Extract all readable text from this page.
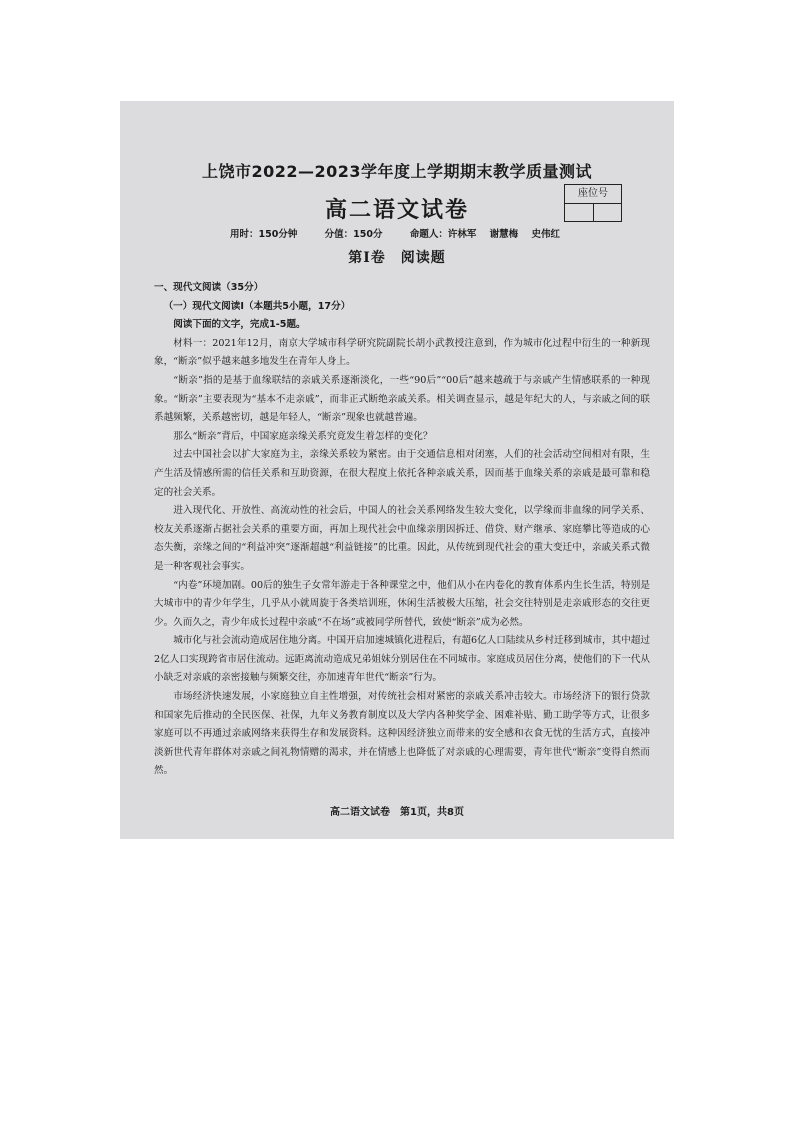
上饶市2022—2023学年度上学期期末教学质量测试
高二语文试卷
座位号
用时：150分钟	分值：150分	命题人：许林军 谢慧梅 史伟红
第Ⅰ卷　阅读题

一、现代文阅读（35分）

（一）现代文阅读Ⅰ（本题共5小题，17分）

阅读下面的文字，完成1-5题。

材料一：2021年12月，南京大学城市科学研究院副院长胡小武教授注意到，作为城市化过程中衍生的一种新现象，“断亲”似乎越来越多地发生在青年人身上。

“断亲”指的是基于血缘联结的亲戚关系逐渐淡化，一些“90后”“00后”越来越疏于与亲戚产生情感联系的一种现象。“断亲”主要表现为“基本不走亲戚”，而非正式断绝亲戚关系。相关调查显示，越是年纪大的人，与亲戚之间的联系越频繁，关系越密切，越是年轻人，“断亲”现象也就越普遍。

那么“断亲”背后，中国家庭亲缘关系究竟发生着怎样的变化？

过去中国社会以扩大家庭为主，亲缘关系较为紧密。由于交通信息相对闭塞，人们的社会活动空间相对有限，生产生活及情感所需的信任关系和互助资源，在很大程度上依托各种亲戚关系，因而基于血缘关系的亲戚是最可靠和稳定的社会关系。

进入现代化、开放性、高流动性的社会后，中国人的社会关系网络发生较大变化，以学缘而非血缘的同学关系、校友关系逐渐占据社会关系的重要方面，再加上现代社会中血缘亲朋因拆迁、借贷、财产继承、家庭攀比等造成的心态失衡，亲缘之间的“利益冲突”逐渐超越“利益链接”的比重。因此，从传统到现代社会的重大变迁中，亲戚关系式微是一种客观社会事实。

“内卷”环境加剧。00后的独生子女常年游走于各种课堂之中，他们从小在内卷化的教育体系内生长生活，特别是大城市中的青少年学生，几乎从小就周旋于各类培训班，休闲生活被极大压缩，社会交往特别是走亲戚形态的交往更少。久而久之，青少年成长过程中亲戚“不在场”或被同学所替代，致使“断亲”成为必然。

城市化与社会流动造成居住地分离。中国开启加速城镇化进程后，有超6亿人口陆续从乡村迁移到城市，其中超过2亿人口实现跨省市居住流动。远距离流动造成兄弟姐妹分别居住在不同城市。家庭成员居住分离，使他们的下一代从小缺乏对亲戚的亲密接触与频繁交往，亦加速青年世代“断亲”行为。

市场经济快速发展，小家庭独立自主性增强，对传统社会相对紧密的亲戚关系冲击较大。市场经济下的银行贷款和国家先后推动的全民医保、社保，九年义务教育制度以及大学内各种奖学金、困难补贴、勤工助学等方式，让很多家庭可以不再通过亲戚网络来获得生存和发展资料。这种因经济独立而带来的安全感和衣食无忧的生活方式，直接冲淡新世代青年群体对亲戚之间礼物情赠的渴求，并在情感上也降低了对亲戚的心理需要，青年世代“断亲”变得自然而然。

高二语文试卷　第1页，共8页
